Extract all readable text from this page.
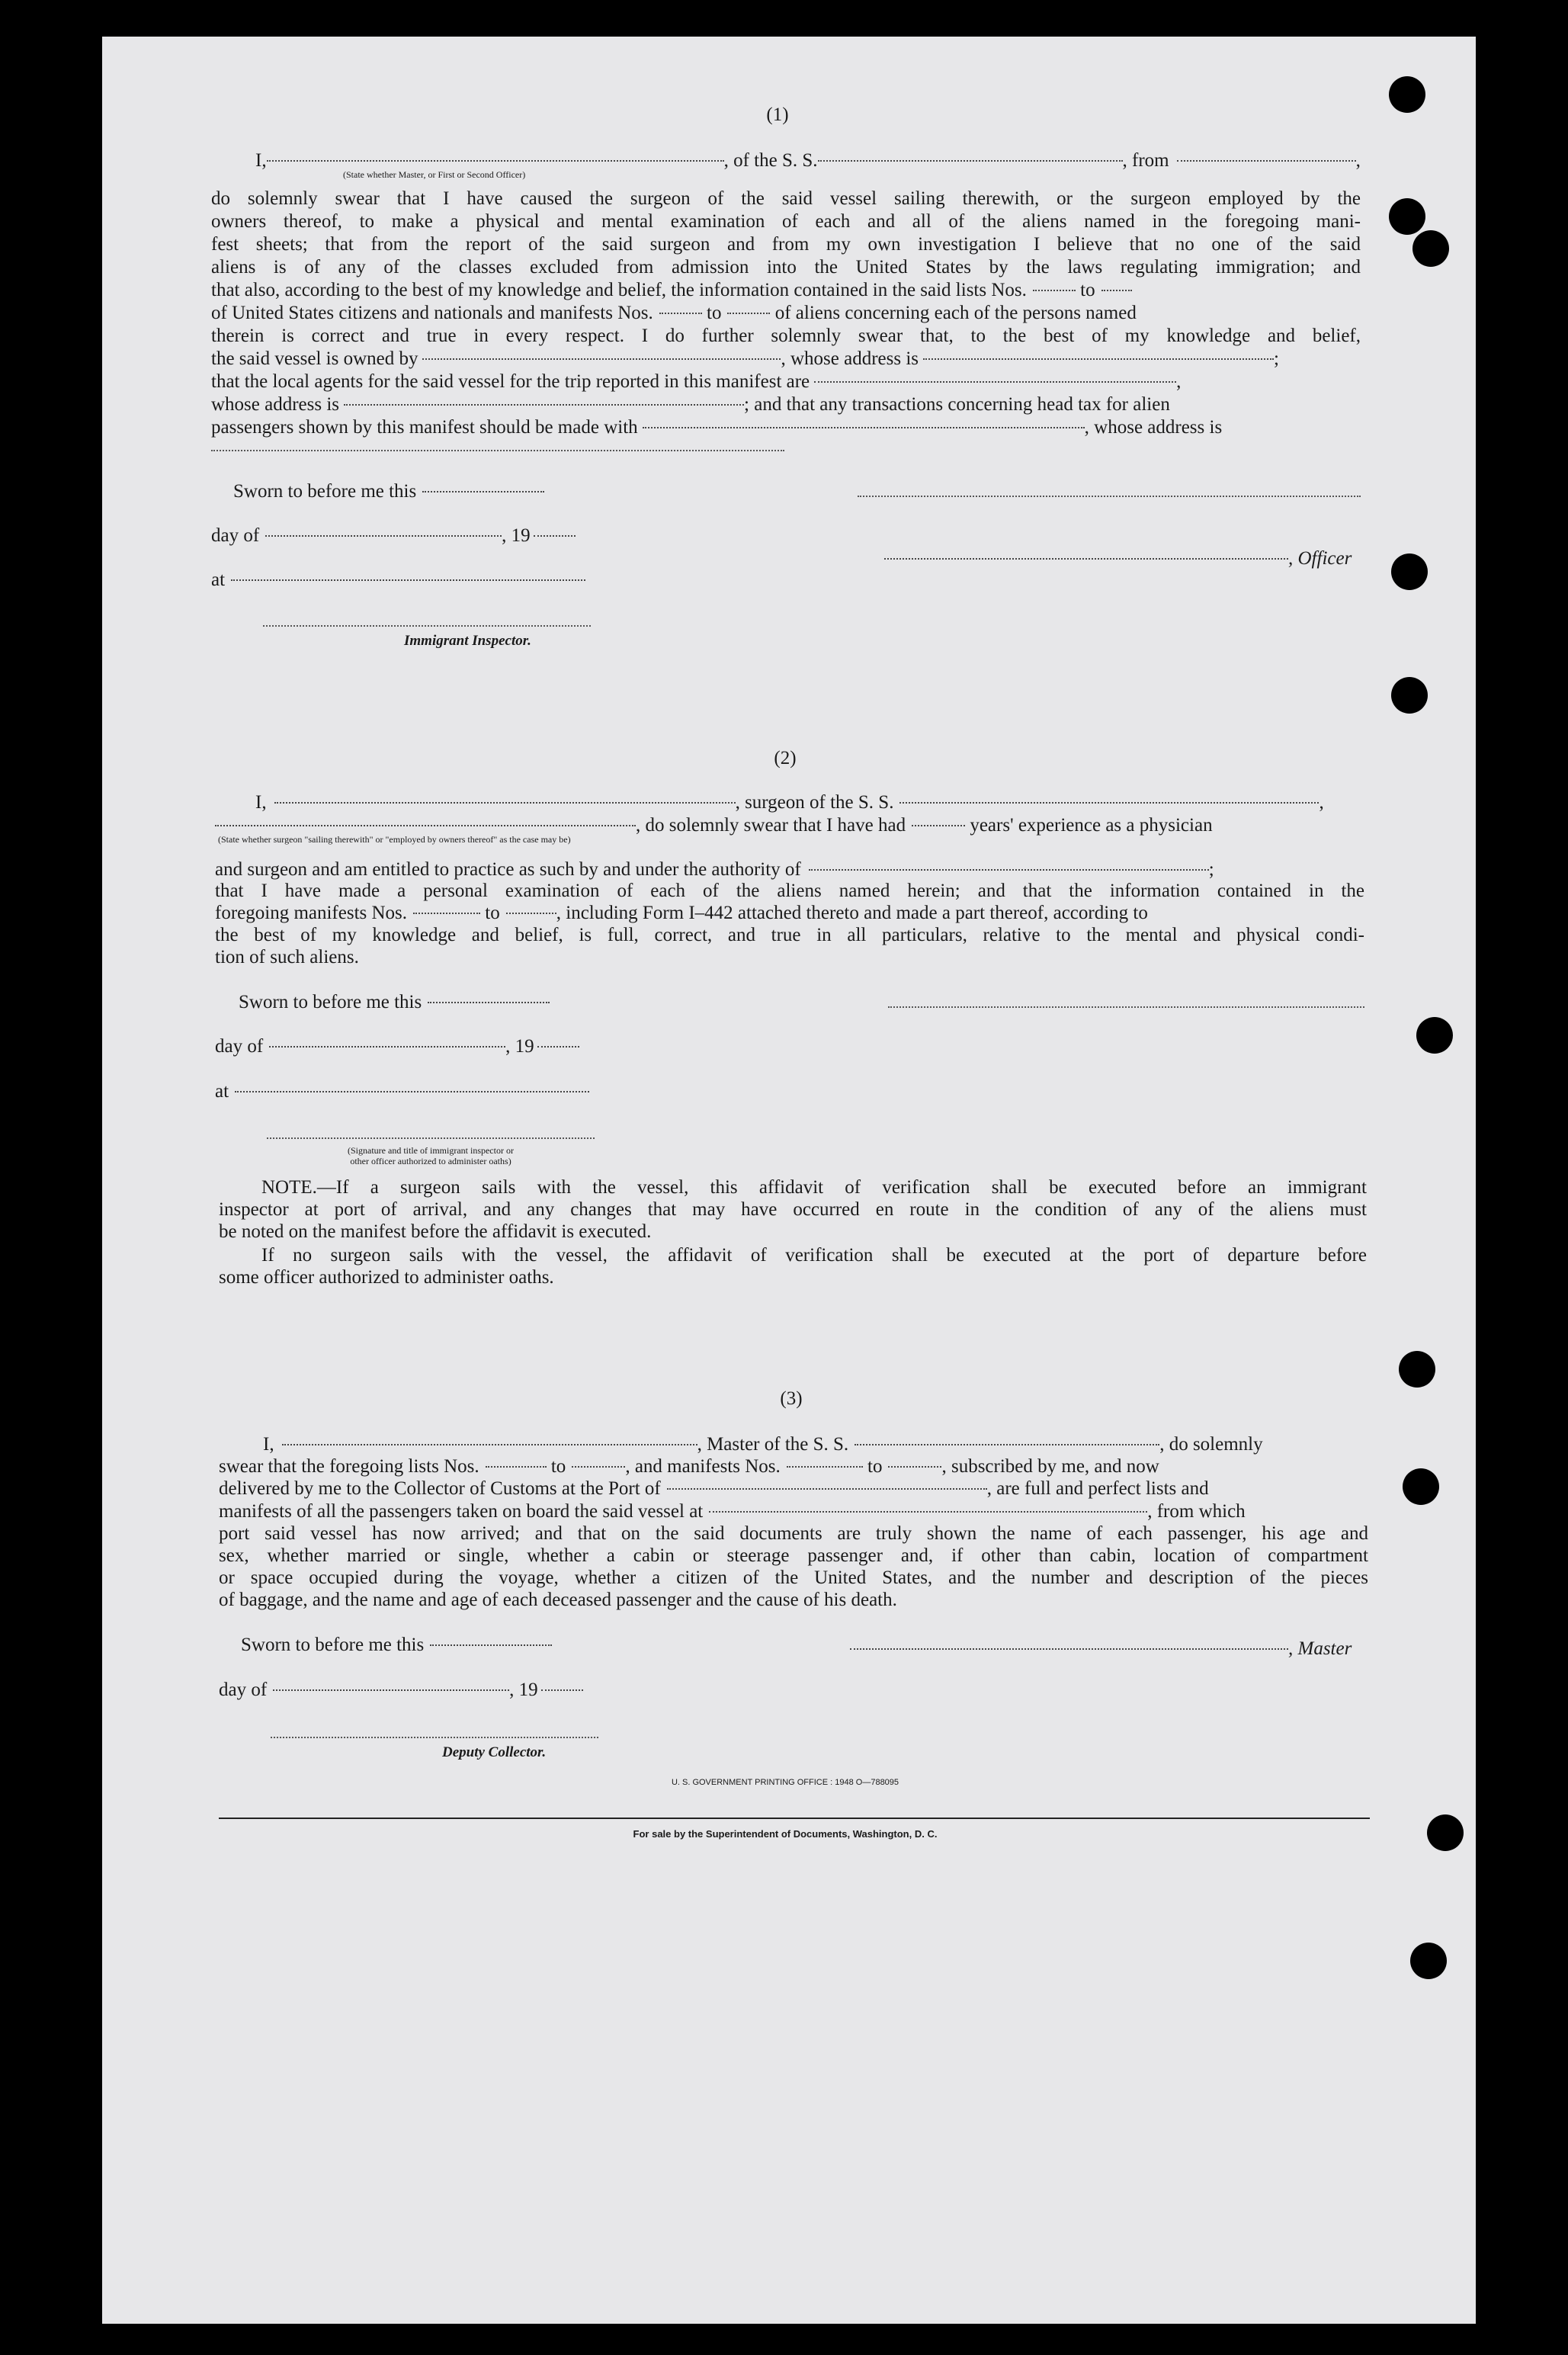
(1)
I,	, of the S. S.	, from	,
(State whether Master, or First or Second Officer)
do solemnly swear that I have caused the surgeon of the said vessel sailing therewith, or the surgeon employed by the
owners thereof, to make a physical and mental examination of each and all of the aliens named in the foregoing mani-
fest sheets; that from the report of the said surgeon and from my own investigation I believe that no one of the said
aliens is of any of the classes excluded from admission into the United States by the laws regulating immigration; and
that also, according to the best of my knowledge and belief, the information contained in the said lists Nos.	to
of United States citizens and nationals and manifests Nos.	to	of aliens concerning each of the persons named
therein is correct and true in every respect. I do further solemnly swear that, to the best of my knowledge and belief,
the said vessel is owned by	, whose address is	;
that the local agents for the said vessel for the trip reported in this manifest are	,
whose address is	; and that any transactions concerning head tax for alien
passengers shown by this manifest should be made with	, whose address is
Sworn to before me this
day of	, 19
, Officer
at
Immigrant Inspector.
(2)
I,	, surgeon of the S. S.	,
, do solemnly swear that I have had	years' experience as a physician
(State whether surgeon "sailing therewith" or "employed by owners thereof" as the case may be)
and surgeon and am entitled to practice as such by and under the authority of	;
that I have made a personal examination of each of the aliens named herein; and that the information contained in the
foregoing manifests Nos.	to	, including Form I–442 attached thereto and made a part thereof, according to
the best of my knowledge and belief, is full, correct, and true in all particulars, relative to the mental and physical condi-
tion of such aliens.
Sworn to before me this
day of	, 19
at
(Signature and title of immigrant inspector or
other officer authorized to administer oaths)
NOTE.—If a surgeon sails with the vessel, this affidavit of verification shall be executed before an immigrant
inspector at port of arrival, and any changes that may have occurred en route in the condition of any of the aliens must
be noted on the manifest before the affidavit is executed.
If no surgeon sails with the vessel, the affidavit of verification shall be executed at the port of departure before
some officer authorized to administer oaths.
(3)
I,	, Master of the S. S.	, do solemnly
swear that the foregoing lists Nos.	to	, and manifests Nos.	to	, subscribed by me, and now
delivered by me to the Collector of Customs at the Port of	, are full and perfect lists and
manifests of all the passengers taken on board the said vessel at	, from which
port said vessel has now arrived; and that on the said documents are truly shown the name of each passenger, his age and
sex, whether married or single, whether a cabin or steerage passenger and, if other than cabin, location of compartment
or space occupied during the voyage, whether a citizen of the United States, and the number and description of the pieces
of baggage, and the name and age of each deceased passenger and the cause of his death.
Sworn to before me this	, Master
day of	, 19
Deputy Collector.
U. S. GOVERNMENT PRINTING OFFICE : 1948 O—788095
For sale by the Superintendent of Documents, Washington, D. C.
